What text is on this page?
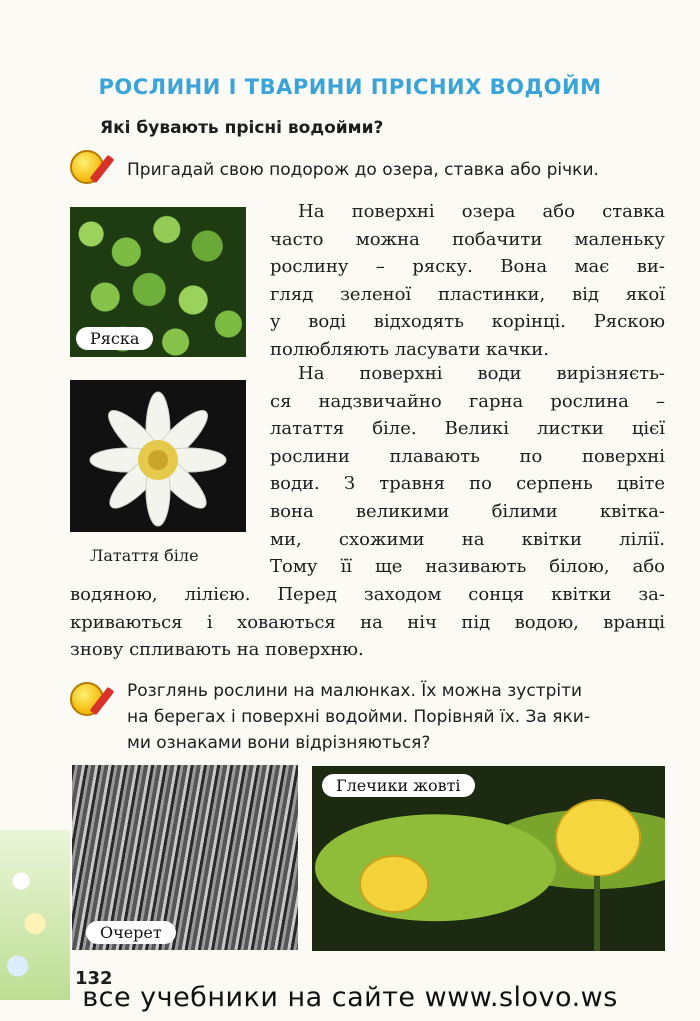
РОСЛИНИ І ТВАРИНИ ПРІСНИХ ВОДОЙМ
Які бувають прісні водойми?
Пригадай свою подорож до озера, ставка або річки.
Ряска
Латаття біле
На поверхні озера або ставка
часто можна побачити маленьку
рослину – ряску. Вона має ви-
гляд зеленої пластинки, від якої
у воді відходять корінці. Ряскою
полюбляють ласувати качки.
На поверхні води вирізняєть-
ся надзвичайно гарна рослина –
латаття біле. Великі листки цієї
рослини плавають по поверхні
води. З травня по серпень цвіте
вона великими білими квітка-
ми, схожими на квітки лілії.
Тому її ще називають білою, або
водяною, лілією. Перед заходом сонця квітки за-
криваються і ховаються на ніч під водою, вранці
знову спливають на поверхню.
Розглянь рослини на малюнках. Їх можна зустріти
на берегах і поверхні водойми. Порівняй їх. За яки-
ми ознаками вони відрізняються?
Очерет
Глечики жовті
132
все учебники на сайте www.slovo.ws
